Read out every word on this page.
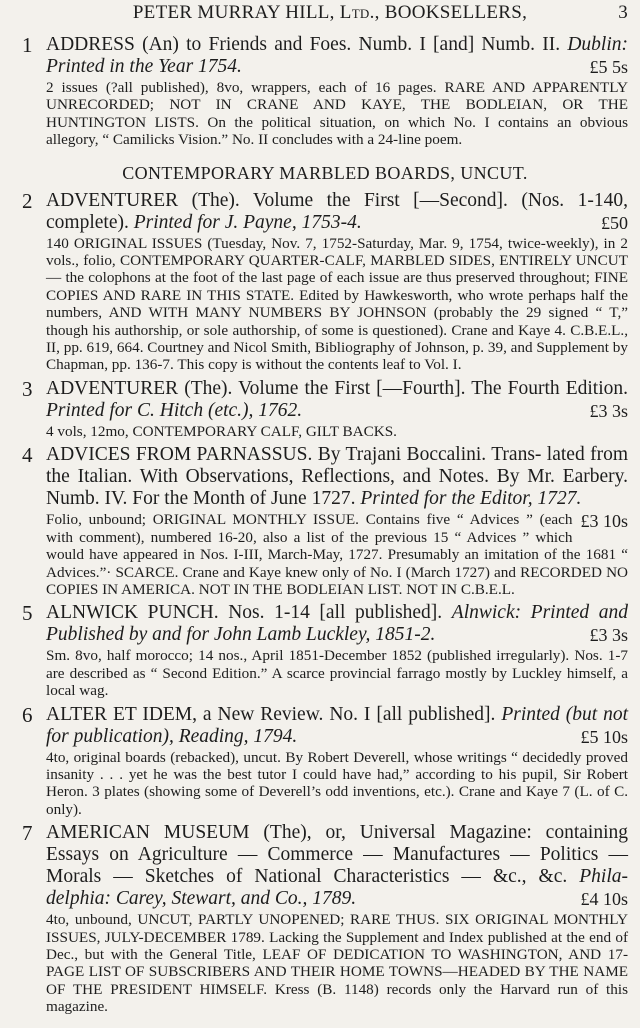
PETER MURRAY HILL, Ltd., BOOKSELLERS,	3
1 ADDRESS (An) to Friends and Foes. Numb. I [and] Numb. II. Dublin: Printed in the Year 1754.	£5 5s
2 issues (?all published), 8vo, wrappers, each of 16 pages. RARE AND APPARENTLY UNRECORDED; NOT IN CRANE AND KAYE, THE BODLEIAN, OR THE HUNTINGTON LISTS. On the political situation, on which No. I contains an obvious allegory, “ Camilicks Vision.” No. II concludes with a 24-line poem.
CONTEMPORARY MARBLED BOARDS, UNCUT.
2 ADVENTURER (The). Volume the First [—Second]. (Nos. 1-140, complete). Printed for J. Payne, 1753-4.	£50
140 ORIGINAL ISSUES (Tuesday, Nov. 7, 1752-Saturday, Mar. 9, 1754, twice-weekly), in 2 vols., folio, CONTEMPORARY QUARTER-CALF, MARBLED SIDES, ENTIRELY UNCUT— the colophons at the foot of the last page of each issue are thus preserved throughout; FINE COPIES AND RARE IN THIS STATE. Edited by Hawkesworth, who wrote perhaps half the numbers, AND WITH MANY NUMBERS BY JOHNSON (probably the 29 signed “ T,” though his authorship, or sole authorship, of some is questioned). Crane and Kaye 4. C.B.E.L., II, pp. 619, 664. Courtney and Nicol Smith, Bibliography of Johnson, p. 39, and Supplement by Chapman, pp. 136-7. This copy is without the contents leaf to Vol. I.
3 ADVENTURER (The). Volume the First [—Fourth]. The Fourth Edition. Printed for C. Hitch (etc.), 1762.	£3 3s
4 vols, 12mo, CONTEMPORARY CALF, GILT BACKS.
4 ADVICES FROM PARNASSUS. By Trajani Boccalini. Trans- lated from the Italian. With Observations, Reflections, and Notes. By Mr. Earbery. Numb. IV. For the Month of June 1727. Printed for the Editor, 1727.
£3 10s
Folio, unbound; ORIGINAL MONTHLY ISSUE. Contains five “ Advices ” (each with comment), numbered 16-20, also a list of the previous 15 “ Advices ” which would have appeared in Nos. I-III, March-May, 1727. Presumably an imitation of the 1681 “ Advices.”· SCARCE. Crane and Kaye knew only of No. I (March 1727) and RECORDED NO COPIES IN AMERICA. NOT IN THE BODLEIAN LIST. NOT IN C.B.E.L.
5 ALNWICK PUNCH. Nos. 1-14 [all published]. Alnwick: Printed and Published by and for John Lamb Luckley, 1851-2.	£3 3s
Sm. 8vo, half morocco; 14 nos., April 1851-December 1852 (published irregularly). Nos. 1-7 are described as “ Second Edition.” A scarce provincial farrago mostly by Luckley himself, a local wag.
6 ALTER ET IDEM, a New Review. No. I [all published]. Printed (but not for publication), Reading, 1794.	£5 10s
4to, original boards (rebacked), uncut. By Robert Deverell, whose writings “ decidedly proved insanity . . . yet he was the best tutor I could have had,” according to his pupil, Sir Robert Heron. 3 plates (showing some of Deverell’s odd inventions, etc.). Crane and Kaye 7 (L. of C. only).
7 AMERICAN MUSEUM (The), or, Universal Magazine: containing Essays on Agriculture — Commerce — Manufactures — Politics — Morals — Sketches of National Characteristics — &c., &c. Phila- delphia: Carey, Stewart, and Co., 1789.	£4 10s
4to, unbound, UNCUT, PARTLY UNOPENED; RARE THUS. SIX ORIGINAL MONTHLY ISSUES, JULY-DECEMBER 1789. Lacking the Supplement and Index published at the end of Dec., but with the General Title, LEAF OF DEDICATION TO WASHINGTON, AND 17-PAGE LIST OF SUBSCRIBERS AND THEIR HOME TOWNS—HEADED BY THE NAME OF THE PRESIDENT HIMSELF. Kress (B. 1148) records only the Harvard run of this magazine.
